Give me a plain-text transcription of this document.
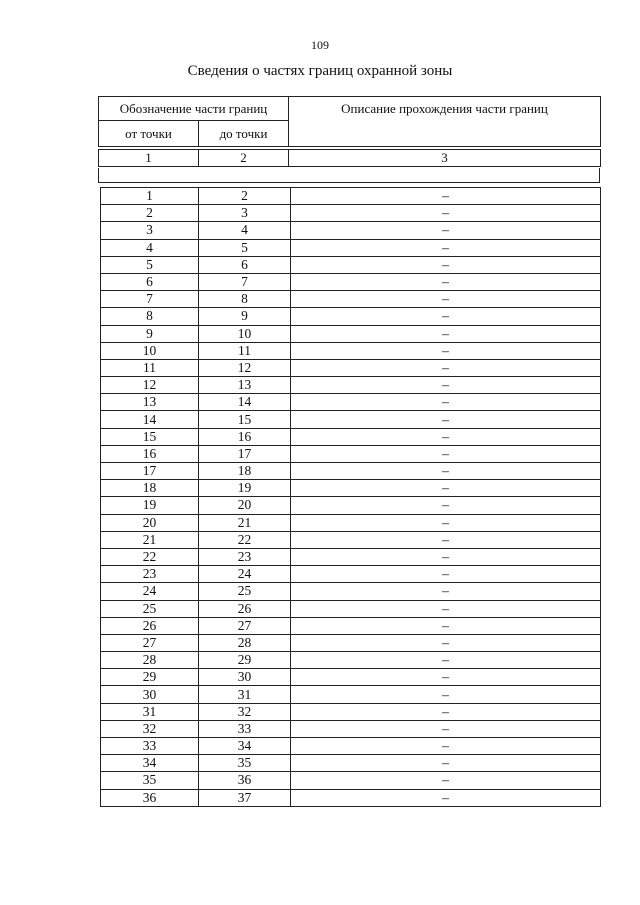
109
Сведения о частях границ охранной зоны
Обозначение части границ		Описание прохождения части границ
от точки	до точки	
1	2	3
1	2	–
2	3	–
3	4	–
4	5	–
5	6	–
6	7	–
7	8	–
8	9	–
9	10	–
10	11	–
11	12	–
12	13	–
13	14	–
14	15	–
15	16	–
16	17	–
17	18	–
18	19	–
19	20	–
20	21	–
21	22	–
22	23	–
23	24	–
24	25	–
25	26	–
26	27	–
27	28	–
28	29	–
29	30	–
30	31	–
31	32	–
32	33	–
33	34	–
34	35	–
35	36	–
36	37	–
